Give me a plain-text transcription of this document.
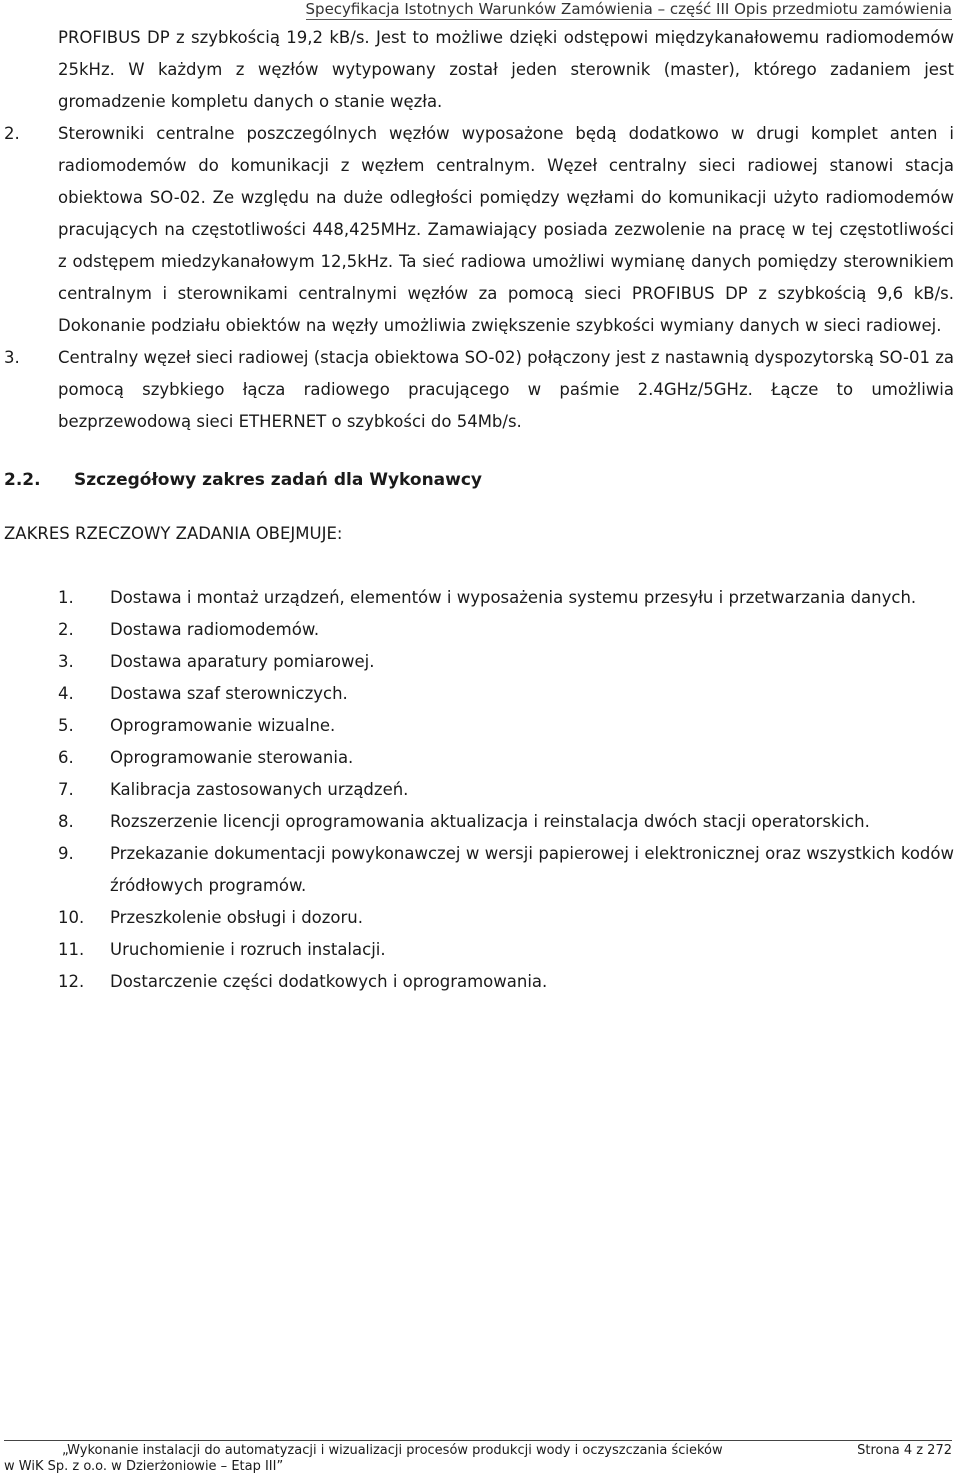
Specyfikacja Istotnych Warunków Zamówienia – część III Opis przedmiotu zamówienia

PROFIBUS DP z szybkością 19,2 kB/s. Jest to możliwe dzięki odstępowi międzykanałowemu radiomodemów 25kHz. W każdym z węzłów wytypowany został jeden sterownik (master), którego zadaniem jest gromadzenie kompletu danych o stanie węzła.

2. Sterowniki centralne poszczególnych węzłów wyposażone będą dodatkowo w drugi komplet anten i radiomodemów do komunikacji z węzłem centralnym. Węzeł centralny sieci radiowej stanowi stacja obiektowa SO-02. Ze względu na duże odległości pomiędzy węzłami do komunikacji użyto radiomodemów pracujących na częstotliwości 448,425MHz. Zamawiający posiada zezwolenie na pracę w tej częstotliwości z odstępem miedzykanałowym 12,5kHz. Ta sieć radiowa umożliwi wymianę danych pomiędzy sterownikiem centralnym i sterownikami centralnymi węzłów za pomocą sieci PROFIBUS DP z szybkością 9,6 kB/s. Dokonanie podziału obiektów na węzły umożliwia zwiększenie szybkości wymiany danych w sieci radiowej.

3. Centralny węzeł sieci radiowej (stacja obiektowa SO-02) połączony jest z nastawnią dyspozytorską SO-01 za pomocą szybkiego łącza radiowego pracującego w paśmie 2.4GHz/5GHz. Łącze to umożliwia bezprzewodową sieci ETHERNET o szybkości do 54Mb/s.

2.2. Szczegółowy zakres zadań dla Wykonawcy
ZAKRES RZECZOWY ZADANIA OBEJMUJE:
1. Dostawa i montaż urządzeń, elementów i wyposażenia systemu przesyłu i przetwarzania danych.
2. Dostawa radiomodemów.
3. Dostawa aparatury pomiarowej.
4. Dostawa szaf sterowniczych.
5. Oprogramowanie wizualne.
6. Oprogramowanie sterowania.
7. Kalibracja zastosowanych urządzeń.
8. Rozszerzenie licencji oprogramowania aktualizacja i reinstalacja dwóch stacji operatorskich.
9. Przekazanie dokumentacji powykonawczej w wersji papierowej i elektronicznej oraz wszystkich kodów źródłowych programów.
10. Przeszkolenie obsługi i dozoru.
11. Uruchomienie i rozruch instalacji.
12. Dostarczenie części dodatkowych i oprogramowania.
„Wykonanie instalacji do automatyzacji i wizualizacji procesów produkcji wody i oczyszczania ścieków
w WiK Sp. z o.o. w Dzierżoniowie – Etap III”
Strona 4 z 272
